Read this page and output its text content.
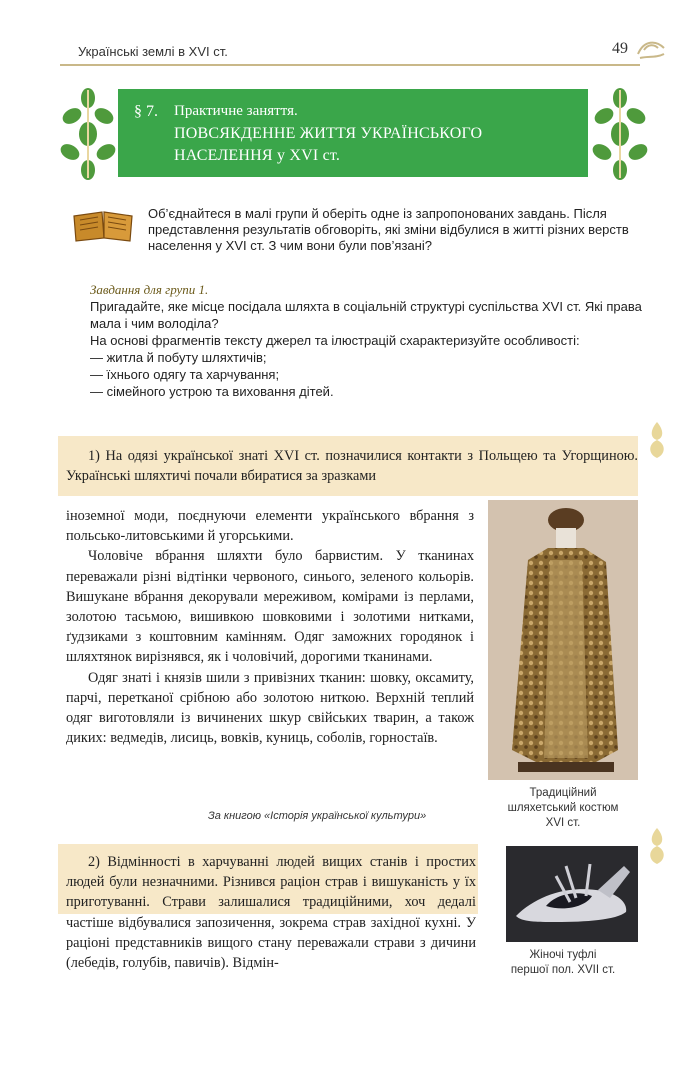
Українські землі в XVI ст.	49
§ 7. Практичне заняття.
ПОВСЯКДЕННЕ ЖИТТЯ УКРАЇНСЬКОГО
НАСЕЛЕННЯ у XVI ст.
Об’єднайтеся в малі групи й оберіть одне із запропонованих завдань. Після представлення результатів обговоріть, які зміни відбулися в житті різних верств населення у XVI ст. З чим вони були пов’язані?
Завдання для групи 1.

Пригадайте, яке місце посідала шляхта в соціальній структурі суспільства XVI ст. Які права мала і чим володіла?

На основі фрагментів тексту джерел та ілюстрацій схарактеризуйте особливості:

— житла й побуту шляхтичів;

— їхнього одягу та харчування;

— сімейного устрою та виховання дітей.

1) На одязі української знаті XVI ст. позначилися контакти з Польщею та Угорщиною. Українські шляхтичі почали вбиратися за зразками

іноземної моди, поєднуючи елементи українського вбрання з польсько-литовськими й угорськими.

Чоловіче вбрання шляхти було барвистим. У тканинах переважали різні відтінки червоного, синього, зеленого кольорів. Вишукане вбрання декорували мереживом, комірами із перлами, золотою тасьмою, вишивкою шовковими і золотими нитками, ґудзиками з коштовним камінням. Одяг заможних городянок і шляхтянок вирізнявся, як і чоловічий, дорогими тканинами.

Одяг знаті і князів шили з привізних тканин: шовку, оксамиту, парчі, перетканої срібною або золотою ниткою. Верхній теплий одяг виготовляли із вичинених шкур свійських тварин, а також диких: ведмедів, лисиць, вовків, куниць, соболів, горностаїв.

За книгою «Історія української культури»
Традиційний
шляхетський костюм
XVI ст.

2) Відмінності в харчуванні людей вищих станів і простих людей були незначними. Різнився раціон страв і вишуканість у їх приготуванні. Страви залишалися традиційними, хоч дедалі частіше відбувалися запозичення, зокрема страв західної кухні. У раціоні представників вищого стану переважали страви з дичини (лебедів, голубів, павичів). Відмін-

Жіночі туфлі
першої пол. XVII ст.
